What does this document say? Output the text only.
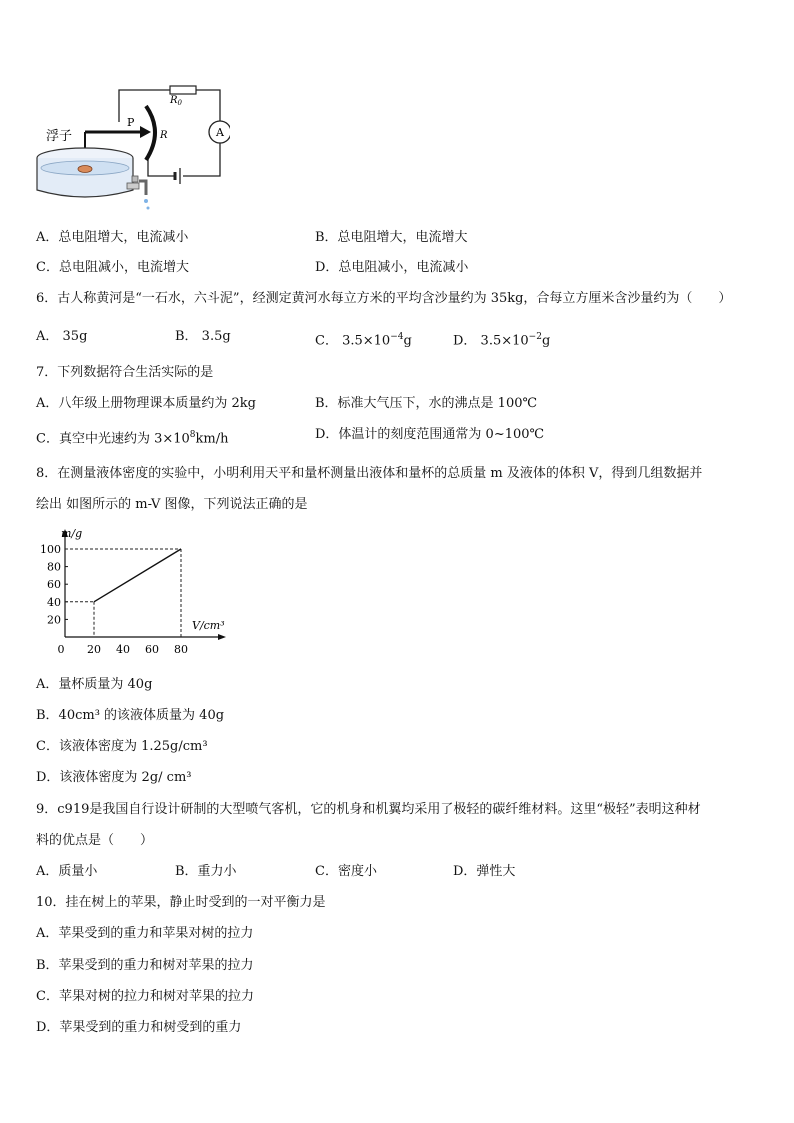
A
P
R
$R_0$
浮子
A．总电阻增大，电流减小	B．总电阻增大，电流增大
C．总电阻减小，电流增大	D．总电阻减小，电流减小
6．古人称黄河是“一石水，六斗泥”，经测定黄河水每立方米的平均含沙量约为 35kg，合每立方厘米含沙量约为（　　）
A． 35g	B． 3.5g	C． $3.5\times 10^{-4}g$	D． $3.5\times 10^{-2}g$
7．下列数据符合生活实际的是
A．八年级上册物理课本质量约为 2kg	B．标准大气压下，水的沸点是 100℃
C．真空中光速约为 $3\times 10^8km/h$	D．体温计的刻度范围通常为 0~100℃
8．在测量液体密度的实验中，小明利用天平和量杯测量出液体和量杯的总质量 m 及液体的体积 V，得到几组数据并
绘出 如图所示的 m-V 图像，下列说法正确的是
0 20 40 60 80
20
40
60
80
100
m/g
V/cm³
A．量杯质量为 40g
B．40cm³ 的该液体质量为 40g
C．该液体密度为 1.25g/cm³
D．该液体密度为 2g/ cm³
9．c919是我国自行设计研制的大型喷气客机，它的机身和机翼均采用了极轻的碳纤维材料。这里“极轻”表明这种材
料的优点是（　　）
A．质量小	B．重力小	C．密度小	D．弹性大
10．挂在树上的苹果，静止时受到的一对平衡力是
A．苹果受到的重力和苹果对树的拉力
B．苹果受到的重力和树对苹果的拉力
C．苹果对树的拉力和树对苹果的拉力
D．苹果受到的重力和树受到的重力
